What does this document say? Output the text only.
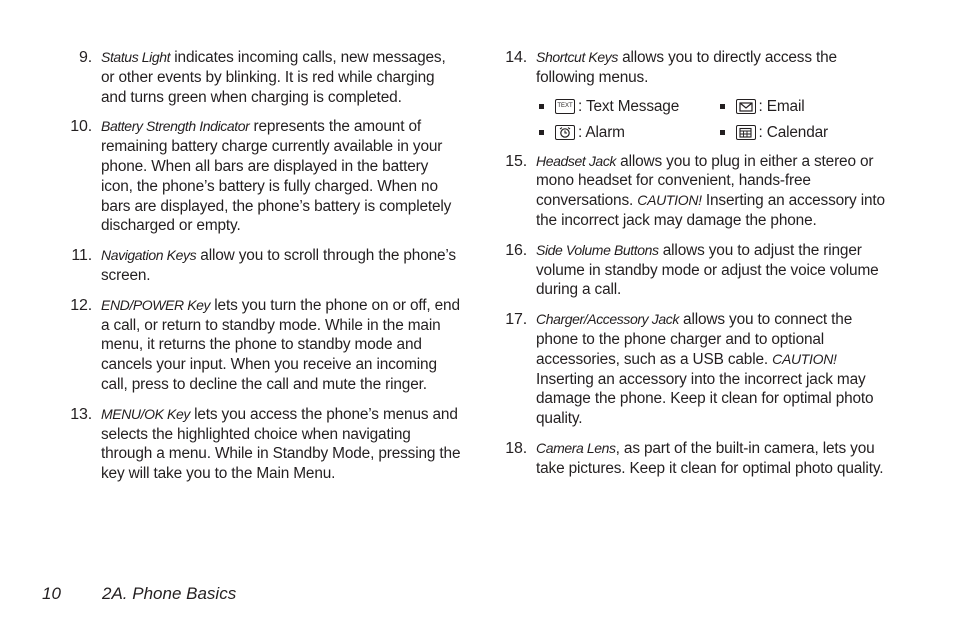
9. Status Light indicates incoming calls, new messages, or other events by blinking. It is red while charging and turns green when charging is completed.
10. Battery Strength Indicator represents the amount of remaining battery charge currently available in your phone. When all bars are displayed in the battery icon, the phone’s battery is fully charged. When no bars are displayed, the phone’s battery is completely discharged or empty.
11. Navigation Keys allow you to scroll through the phone’s screen.
12. END/POWER Key lets you turn the phone on or off, end a call, or return to standby mode. While in the main menu, it returns the phone to standby mode and cancels your input. When you receive an incoming call, press to decline the call and mute the ringer.
13. MENU/OK Key lets you access the phone’s menus and selects the highlighted choice when navigating through a menu. While in Standby Mode, pressing the key will take you to the Main Menu.
14. Shortcut Keys allows you to directly access the following menus.
TEXT : Text Message	: Email
: Alarm	: Calendar
15. Headset Jack allows you to plug in either a stereo or mono headset for convenient, hands-free conversations. CAUTION! Inserting an accessory into the incorrect jack may damage the phone.
16. Side Volume Buttons allows you to adjust the ringer volume in standby mode or adjust the voice volume during a call.
17. Charger/Accessory Jack allows you to connect the phone to the phone charger and to optional accessories, such as a USB cable. CAUTION! Inserting an accessory into the incorrect jack may damage the phone. Keep it clean for optimal photo quality.
18. Camera Lens, as part of the built-in camera, lets you take pictures. Keep it clean for optimal photo quality.
10 2A. Phone Basics
